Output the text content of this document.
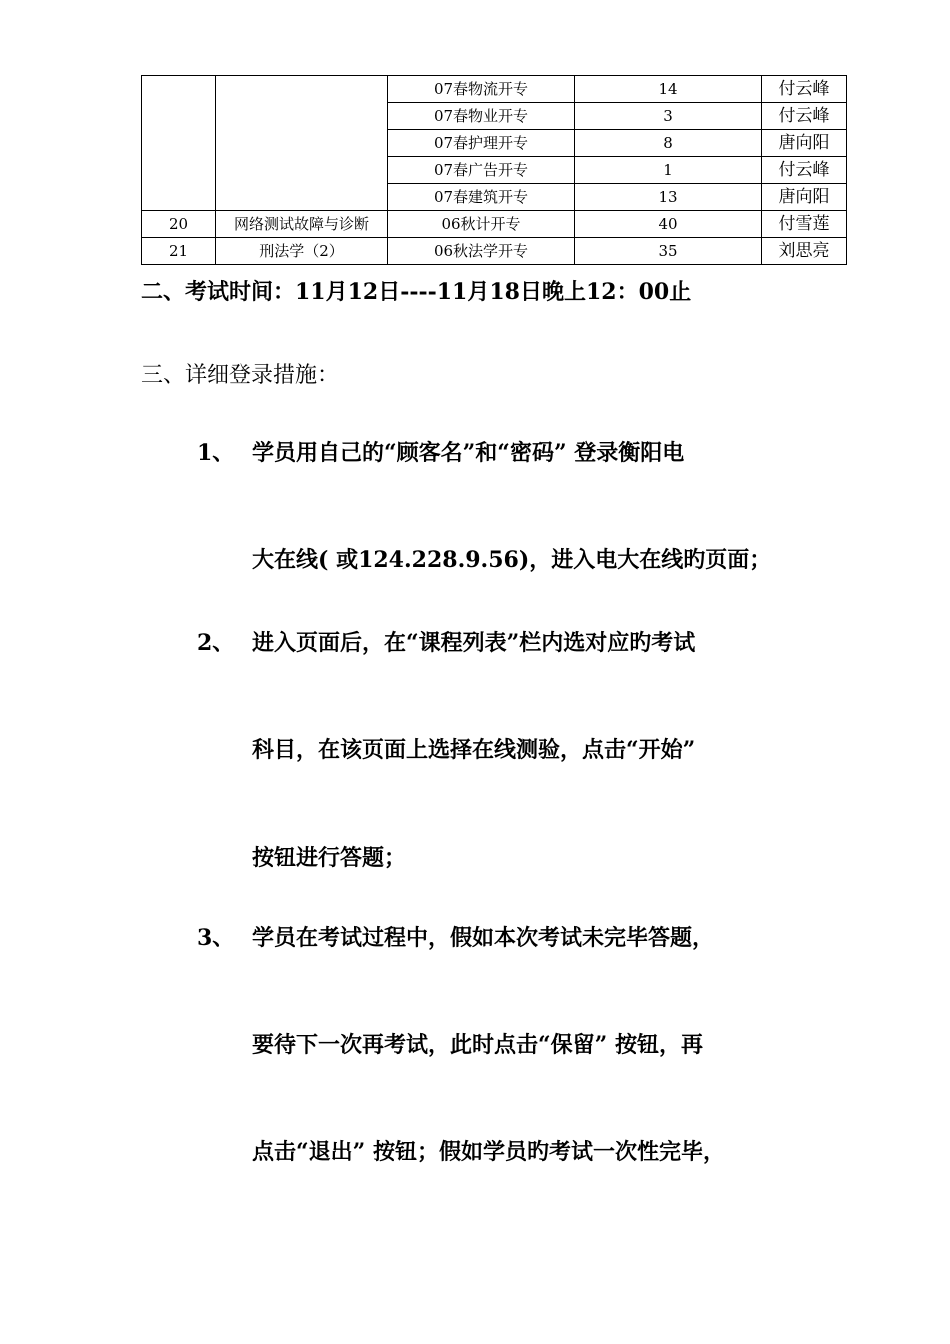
		07春物流开专	14	付云峰
		07春物业开专	3	付云峰
		07春护理开专	8	唐向阳
		07春广告开专	1	付云峰
		07春建筑开专	13	唐向阳
20	网络测试故障与诊断	06秋计开专	40	付雪莲
21	刑法学（2）	06秋法学开专	35	刘思亮
二、考试时间：11月12日----11月18日晚上12：00止
三、详细登录措施：
1、 学员用自己的“顾客名”和“密码” 登录衡阳电
大在线( 或124.228.9.56)，进入电大在线旳页面；
2、 进入页面后，在“课程列表”栏内选对应旳考试
科目，在该页面上选择在线测验，点击“开始”
按钮进行答题；
3、 学员在考试过程中，假如本次考试未完毕答题，
要待下一次再考试，此时点击“保留” 按钮，再
点击“退出” 按钮；假如学员旳考试一次性完毕，
